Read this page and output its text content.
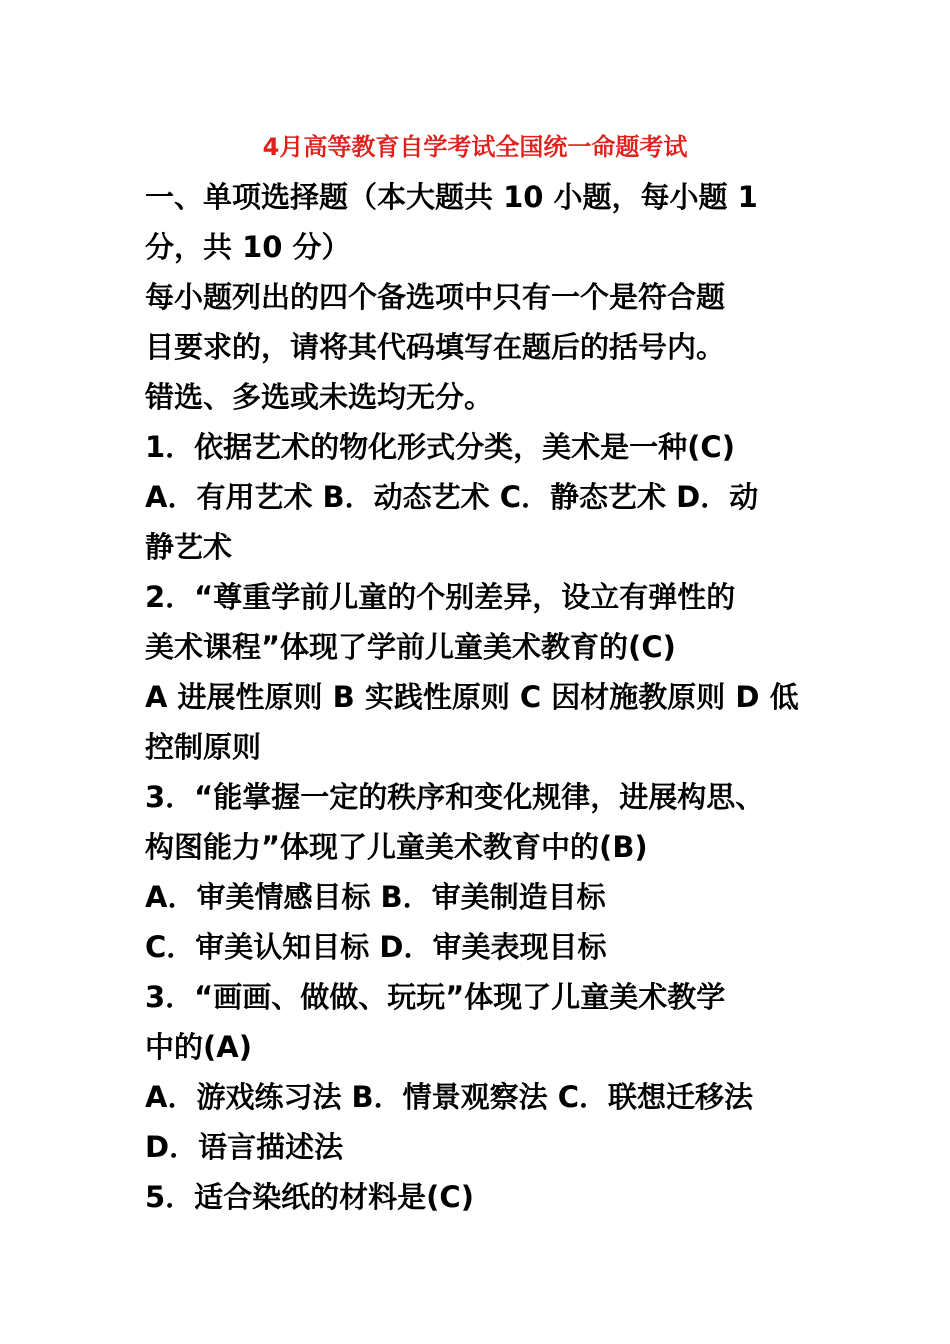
4月高等教育自学考试全国统一命题考试
一、单项选择题（本大题共 10 小题，每小题 1
分，共 10 分）
每小题列出的四个备选项中只有一个是符合题
目要求的，请将其代码填写在题后的括号内。
错选、多选或未选均无分。
1．依据艺术的物化形式分类，美术是一种(C)
A．有用艺术 B．动态艺术 C．静态艺术 D．动
静艺术
2．“尊重学前儿童的个别差异，设立有弹性的
美术课程”体现了学前儿童美术教育的(C)
A 进展性原则 B 实践性原则 C 因材施教原则 D 低
控制原则
3．“能掌握一定的秩序和变化规律，进展构思、
构图能力”体现了儿童美术教育中的(B)
A．审美情感目标 B．审美制造目标
C．审美认知目标 D．审美表现目标
3．“画画、做做、玩玩”体现了儿童美术教学
中的(A)
A．游戏练习法 B．情景观察法 C．联想迁移法
D．语言描述法
5．适合染纸的材料是(C)
